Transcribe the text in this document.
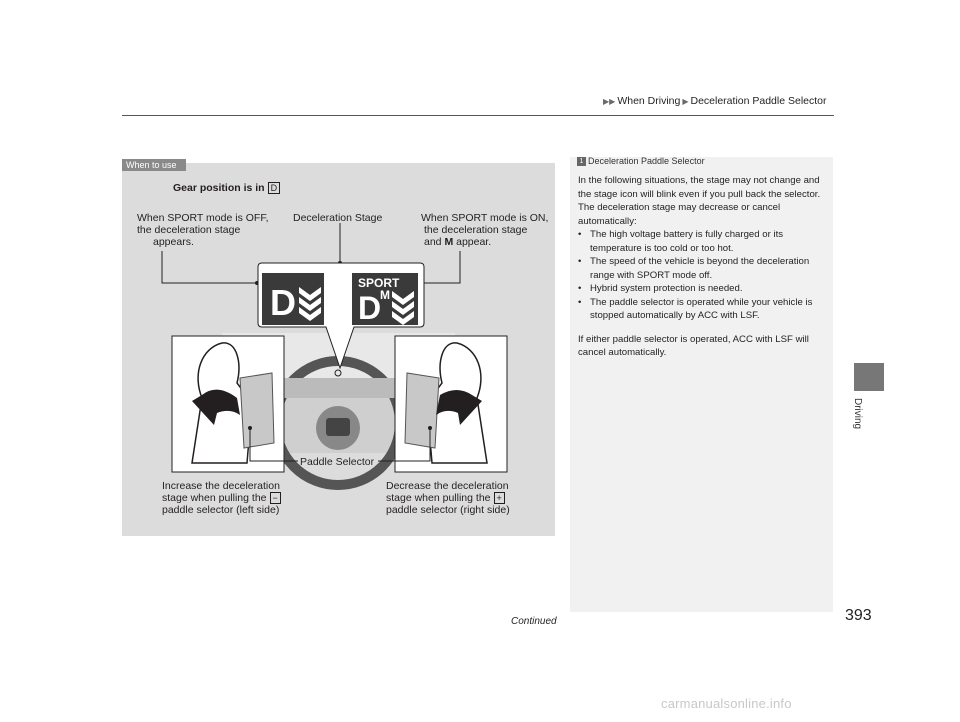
▶▶ When Driving ▶ Deceleration Paddle Selector
When to use
Gear position is in D
When SPORT mode is OFF,
the deceleration stage
appears.
Deceleration Stage	When SPORT mode is ON,
the deceleration stage
and M appear.
D	SPORT
D
M
Paddle Selector
Increase the deceleration
stage when pulling the −
paddle selector (left side)
Decrease the deceleration
stage when pulling the +
paddle selector (right side)
1 Deceleration Paddle Selector

In the following situations, the stage may not change and the stage icon will blink even if you pull back the selector. The deceleration stage may decrease or cancel automatically:

• The high voltage battery is fully charged or its temperature is too cold or too hot.
• The speed of the vehicle is beyond the deceleration range with SPORT mode off.
• Hybrid system protection is needed.
• The paddle selector is operated while your vehicle is stopped automatically by ACC with LSF.

If either paddle selector is operated, ACC with LSF will cancel automatically.

Driving
393
Continued
carmanualsonline.info
